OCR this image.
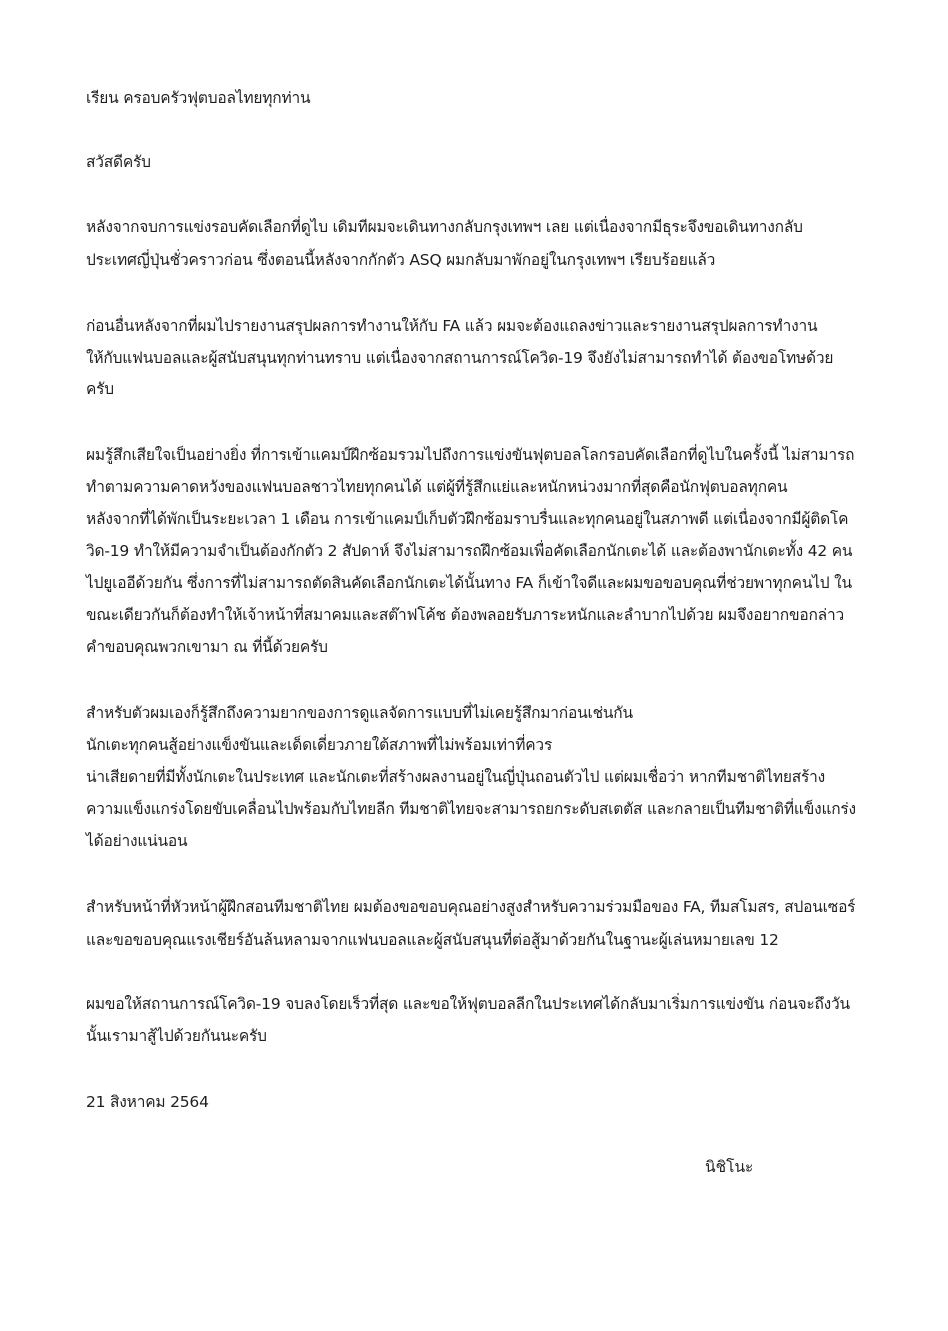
เรียน ครอบครัวฟุตบอลไทยทุกท่าน
สวัสดีครับ
หลังจากจบการแข่งรอบคัดเลือกที่ดูไบ เดิมทีผมจะเดินทางกลับกรุงเทพฯ เลย แต่เนื่องจากมีธุระจึงขอเดินทางกลับ
ประเทศญี่ปุ่นชั่วคราวก่อน ซึ่งตอนนี้หลังจากกักตัว ASQ ผมกลับมาพักอยู่ในกรุงเทพฯ เรียบร้อยแล้ว
ก่อนอื่นหลังจากที่ผมไปรายงานสรุปผลการทำงานให้กับ FA แล้ว ผมจะต้องแถลงข่าวและรายงานสรุปผลการทำงาน
ให้กับแฟนบอลและผู้สนับสนุนทุกท่านทราบ แต่เนื่องจากสถานการณ์โควิด-19 จึงยังไม่สามารถทำได้ ต้องขอโทษด้วย
ครับ
ผมรู้สึกเสียใจเป็นอย่างยิ่ง ที่การเข้าแคมป์ฝึกซ้อมรวมไปถึงการแข่งขันฟุตบอลโลกรอบคัดเลือกที่ดูไบในครั้งนี้ ไม่สามารถ
ทำตามความคาดหวังของแฟนบอลชาวไทยทุกคนได้ แต่ผู้ที่รู้สึกแย่และหนักหน่วงมากที่สุดคือนักฟุตบอลทุกคน
หลังจากที่ได้พักเป็นระยะเวลา 1 เดือน การเข้าแคมป์เก็บตัวฝึกซ้อมราบรื่นและทุกคนอยู่ในสภาพดี แต่เนื่องจากมีผู้ติดโค
วิด-19 ทำให้มีความจำเป็นต้องกักตัว 2 สัปดาห์ จึงไม่สามารถฝึกซ้อมเพื่อคัดเลือกนักเตะได้ และต้องพานักเตะทั้ง 42 คน
ไปยูเออีด้วยกัน ซึ่งการที่ไม่สามารถตัดสินคัดเลือกนักเตะได้นั้นทาง FA ก็เข้าใจดีและผมขอขอบคุณที่ช่วยพาทุกคนไป ใน
ขณะเดียวกันก็ต้องทำให้เจ้าหน้าที่สมาคมและสต๊าฟโค้ช ต้องพลอยรับภาระหนักและลำบากไปด้วย ผมจึงอยากขอกล่าว
คำขอบคุณพวกเขามา ณ ที่นี้ด้วยครับ
สำหรับตัวผมเองก็รู้สึกถึงความยากของการดูแลจัดการแบบที่ไม่เคยรู้สึกมาก่อนเช่นกัน
นักเตะทุกคนสู้อย่างแข็งขันและเด็ดเดี่ยวภายใต้สภาพที่ไม่พร้อมเท่าที่ควร
น่าเสียดายที่มีทั้งนักเตะในประเทศ และนักเตะที่สร้างผลงานอยู่ในญี่ปุ่นถอนตัวไป แต่ผมเชื่อว่า หากทีมชาติไทยสร้าง
ความแข็งแกร่งโดยขับเคลื่อนไปพร้อมกับไทยลีก ทีมชาติไทยจะสามารถยกระดับสเตตัส และกลายเป็นทีมชาติที่แข็งแกร่ง
ได้อย่างแน่นอน
สำหรับหน้าที่หัวหน้าผู้ฝึกสอนทีมชาติไทย ผมต้องขอขอบคุณอย่างสูงสำหรับความร่วมมือของ FA, ทีมสโมสร, สปอนเซอร์
และขอขอบคุณแรงเชียร์อันล้นหลามจากแฟนบอลและผู้สนับสนุนที่ต่อสู้มาด้วยกันในฐานะผู้เล่นหมายเลข 12
ผมขอให้สถานการณ์โควิด-19 จบลงโดยเร็วที่สุด และขอให้ฟุตบอลลีกในประเทศได้กลับมาเริ่มการแข่งขัน ก่อนจะถึงวัน
นั้นเรามาสู้ไปด้วยกันนะครับ
21 สิงหาคม 2564
นิชิโนะ
